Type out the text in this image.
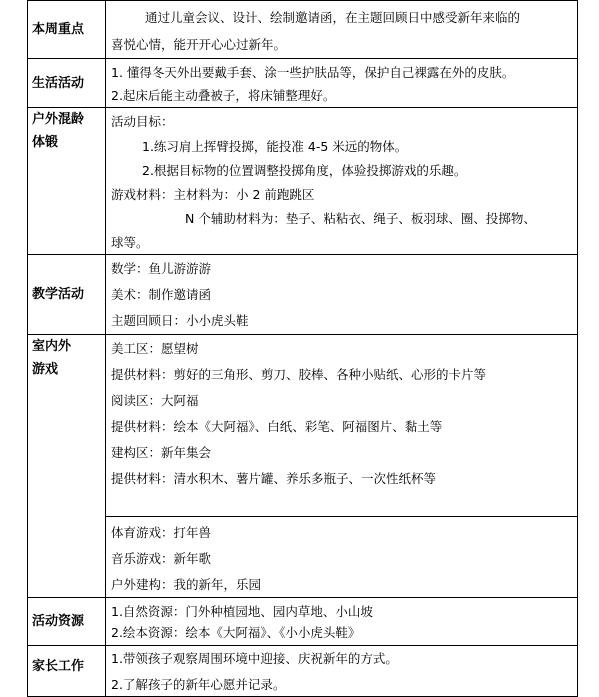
本周重点
通过儿童会议、设计、绘制邀请函，在主题回顾日中感受新年来临的
喜悦心情，能开开心心过新年。
生活活动
1. 懂得冬天外出要戴手套、涂一些护肤品等，保护自己裸露在外的皮肤。
2.起床后能主动叠被子，将床铺整理好。
户外混龄
体锻
活动目标：
1.练习肩上挥臂投掷，能投准 4-5 米远的物体。
2.根据目标物的位置调整投掷角度，体验投掷游戏的乐趣。
游戏材料：主材料为：小 2 前跑跳区
N 个辅助材料为：垫子、粘粘衣、绳子、板羽球、圈、投掷物、
球等。
教学活动
数学：鱼儿游游游
美术：制作邀请函
主题回顾日：小小虎头鞋
室内外
游戏
美工区：愿望树
提供材料：剪好的三角形、剪刀、胶棒、各种小贴纸、心形的卡片等
阅读区：大阿福
提供材料：绘本《大阿福》、白纸、彩笔、阿福图片、黏土等
建构区：新年集会
提供材料：清水积木、薯片罐、养乐多瓶子、一次性纸杯等
体育游戏：打年兽
音乐游戏：新年歌
户外建构：我的新年，乐园
活动资源
1.自然资源：门外种植园地、园内草地、小山坡
2.绘本资源：绘本《大阿福》、《小小虎头鞋》
家长工作 1.带领孩子观察周围环境中迎接、庆祝新年的方式。
2.了解孩子的新年心愿并记录。
